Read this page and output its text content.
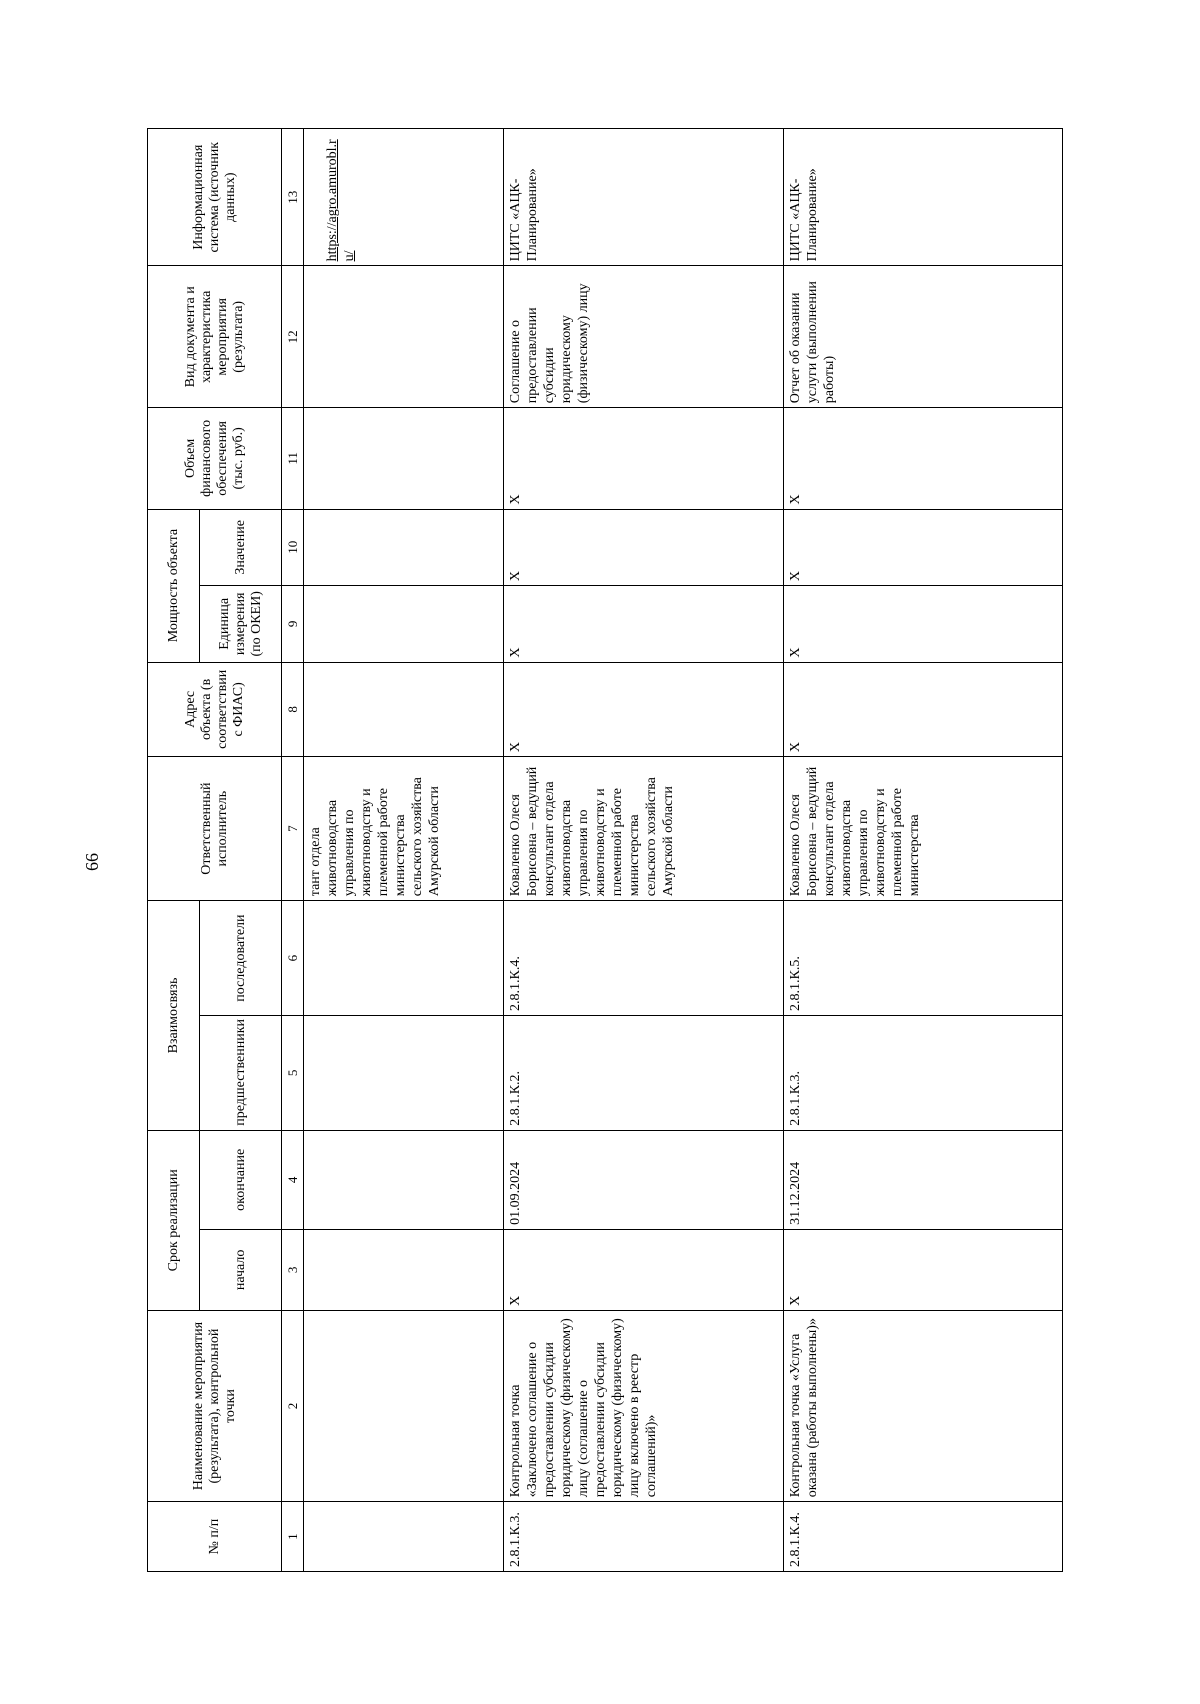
66
№ п/п	Наименование мероприятия (результата), контрольной точки	Срок реализации		Взаимосвязь		Ответственный исполнитель	Адрес объекта (в соответствии с ФИАС)	Мощность объекта		Объем финансового обеспечения (тыс. руб.)	Вид документа и характеристика мероприятия (результата)	Информационная система (источник данных)
		начало	окончание	предшественники	последователи			Единица измерения (по ОКЕИ)	Значение			
1	2	3	4	5	6	7	8	9	10	11	12	13
						тант отдела животноводства управления по животноводству и племенной работе министерства сельского хозяйства Амурской области						https://agro.amurobl.ru/

2.8.1.К.3.	Контрольная точка «Заключено соглашение о предоставлении субсидии юридическому (физическому) лицу (соглашение о предоставлении субсидии юридическому (физическому) лицу включено в реестр соглашений)»	Х	01.09.2024	2.8.1.К.2.	2.8.1.К.4.	Коваленко Олеся Борисовна – ведущий консультант отдела животноводства управления по животноводству и племенной работе министерства сельского хозяйства Амурской области	Х	Х	Х	Х	Соглашение о предоставлении субсидии юридическому (физическому) лицу	ЦИТС «АЦК-Планирование»
2.8.1.К.4.	Контрольная точка «Услуга оказана (работы выполнены)»	Х	31.12.2024	2.8.1.К.3.	2.8.1.К.5.	Коваленко Олеся Борисовна – ведущий консультант отдела животноводства управления по животноводству и племенной работе министерства	Х	Х	Х	Х	Отчет об оказании услуги (выполнении работы)	ЦИТС «АЦК-Планирование»
